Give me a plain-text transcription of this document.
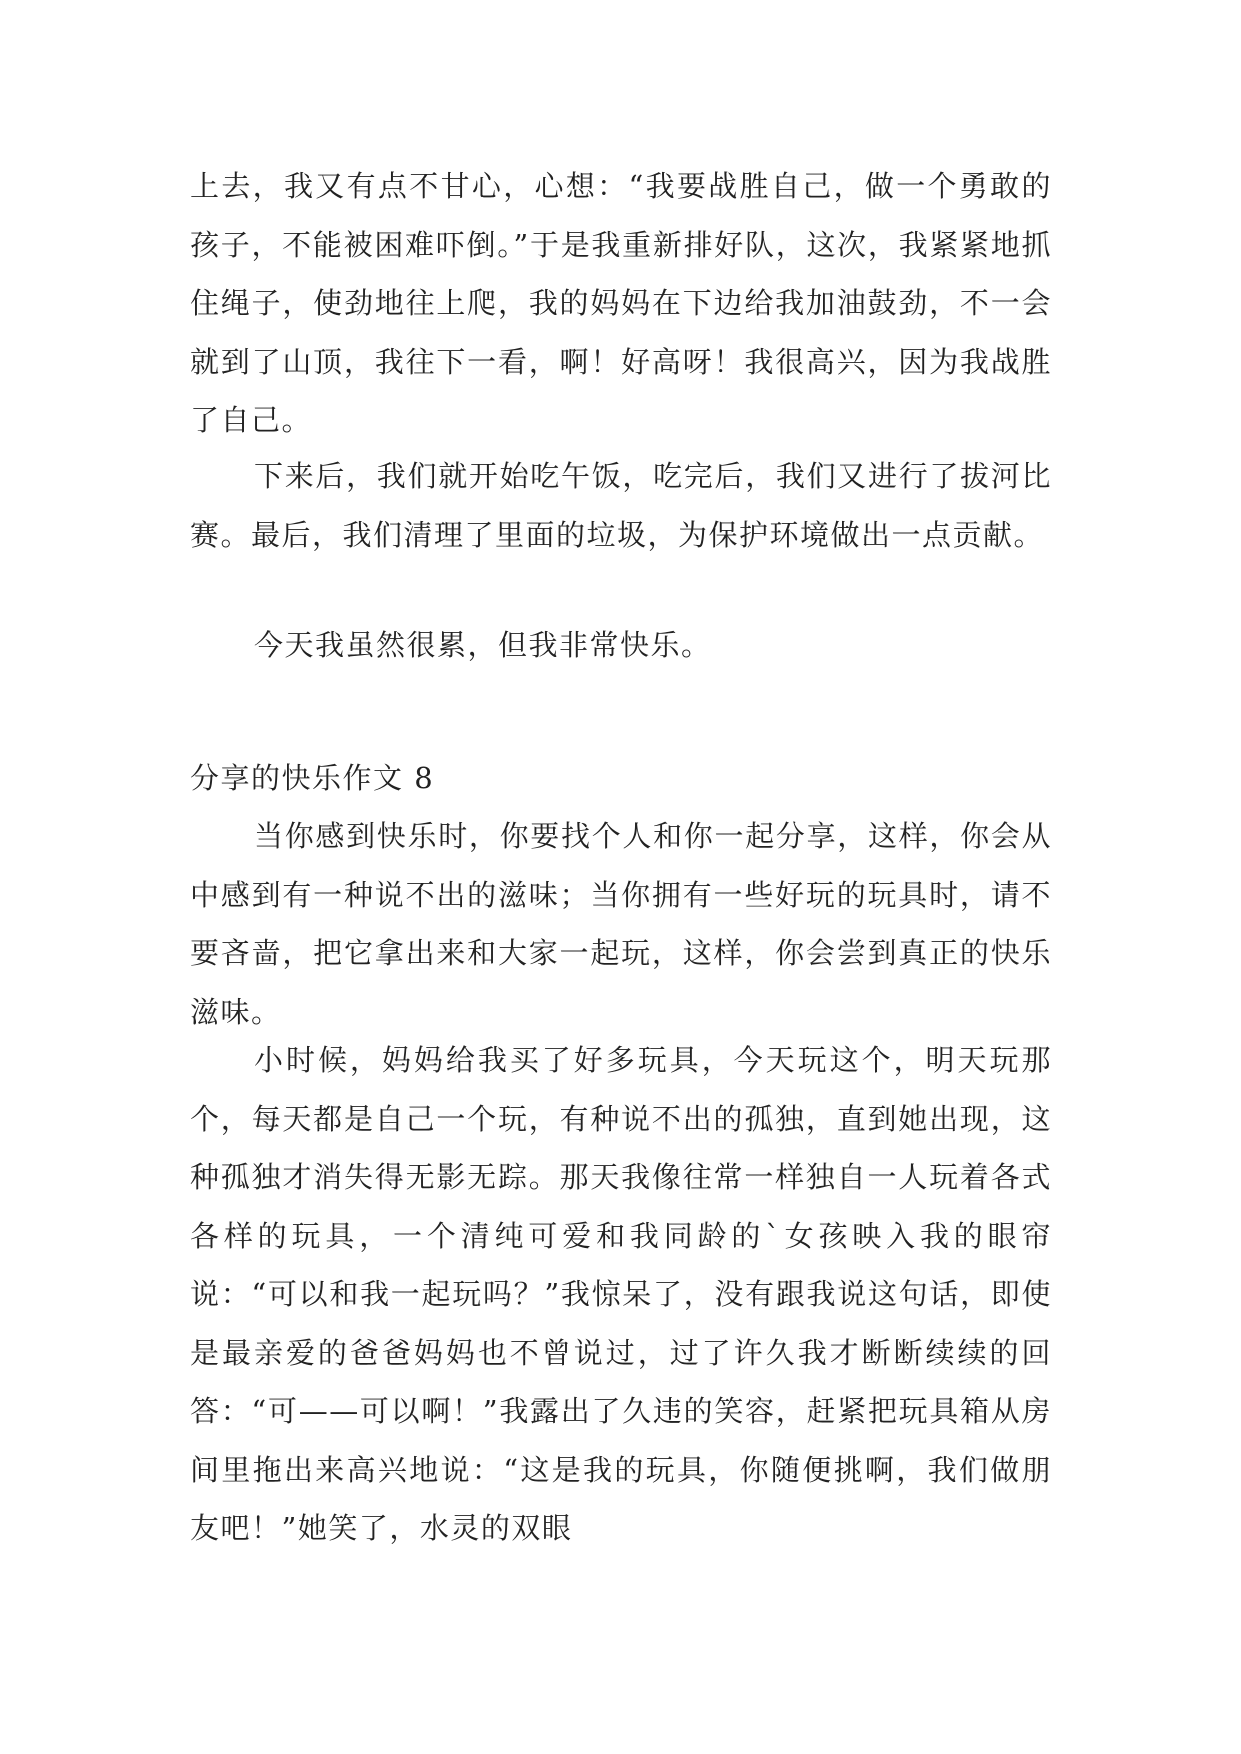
上去，我又有点不甘心，心想：“我要战胜自己，做一个勇敢的孩子，不能被困难吓倒。”于是我重新排好队，这次，我紧紧地抓住绳子，使劲地往上爬，我的妈妈在下边给我加油鼓劲，不一会就到了山顶，我往下一看，啊！好高呀！我很高兴，因为我战胜了自己。

下来后，我们就开始吃午饭，吃完后，我们又进行了拔河比赛。最后，我们清理了里面的垃圾，为保护环境做出一点贡献。

今天我虽然很累，但我非常快乐。

分享的快乐作文 8

当你感到快乐时，你要找个人和你一起分享，这样，你会从中感到有一种说不出的滋味；当你拥有一些好玩的玩具时，请不要吝啬，把它拿出来和大家一起玩，这样，你会尝到真正的快乐滋味。

小时候，妈妈给我买了好多玩具，今天玩这个，明天玩那个，每天都是自己一个玩，有种说不出的孤独，直到她出现，这种孤独才消失得无影无踪。那天我像往常一样独自一人玩着各式各样的玩具，一个清纯可爱和我同龄的`女孩映入我的眼帘说：“可以和我一起玩吗？”我惊呆了，没有跟我说这句话，即使是最亲爱的爸爸妈妈也不曾说过，过了许久我才断断续续的回答：“可——可以啊！”我露出了久违的笑容，赶紧把玩具箱从房间里拖出来高兴地说：“这是我的玩具，你随便挑啊，我们做朋友吧！”她笑了，水灵的双眼
